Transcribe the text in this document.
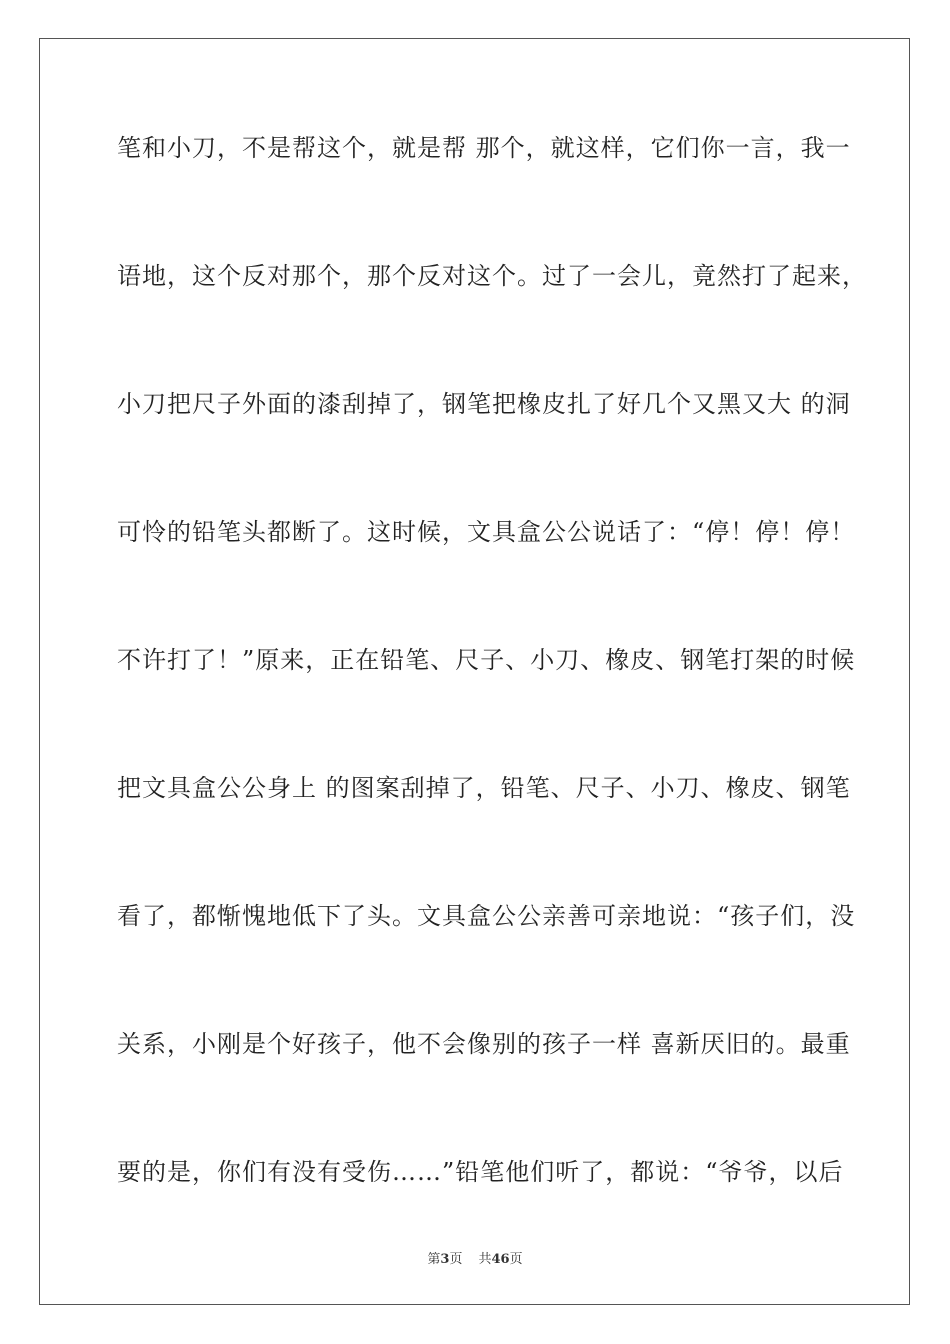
笔和小刀，不是帮这个，就是帮 那个，就这样，它们你一言，我一
语地，这个反对那个，那个反对这个。过了一会儿，竟然打了起来，
小刀把尺子外面的漆刮掉了，钢笔把橡皮扎了好几个又黑又大 的洞
可怜的铅笔头都断了。这时候，文具盒公公说话了：“停！停！停！
不许打了！”原来，正在铅笔、尺子、小刀、橡皮、钢笔打架的时候
把文具盒公公身上 的图案刮掉了，铅笔、尺子、小刀、橡皮、钢笔
看了，都惭愧地低下了头。文具盒公公亲善可亲地说：“孩子们，没
关系，小刚是个好孩子，他不会像别的孩子一样 喜新厌旧的。最重
要的是，你们有没有受伤……”铅笔他们听了，都说：“爷爷，以后
第3页 共46页
